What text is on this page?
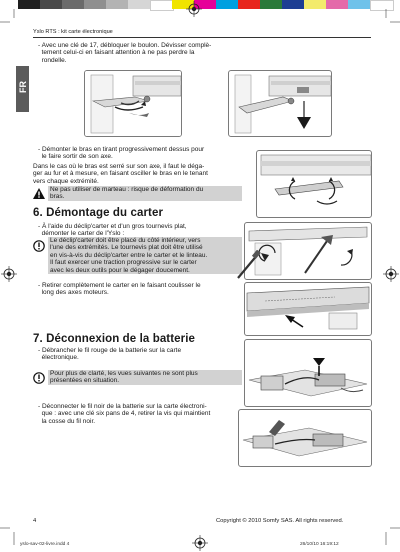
Yslo RTS : kit carte électronique
FR
- Avec une clé de 17, débloquer le boulon. Dévisser complè-
tement celui-ci en faisant attention à ne pas perdre la
rondelle.
- Démonter le bras en tirant progressivement dessus pour
le faire sortir de son axe.
Dans le cas où le bras est serré sur son axe, il faut le déga-
ger au fur et à mesure, en faisant osciller le bras en le tenant
vers chaque extrémité.
Ne pas utiliser de marteau : risque de déformation du
bras.
6. Démontage du carter
- À l'aide du déclip'carter et d'un gros tournevis plat,
démonter le carter de l'Yslo :
Le déclip'carter doit être placé du côté intérieur, vers
l'une des extrémités. Le tournevis plat doit être utilisé
en vis-à-vis du déclip'carter entre le carter et le linteau.
Il faut exercer une traction progressive sur le carter
avec les deux outils pour le dégager doucement.
- Retirer complètement le carter en le faisant coulisser le
long des axes moteurs.
7. Déconnexion de la batterie
- Débrancher le fil rouge de la batterie sur la carte
électronique.
Pour plus de clarté, les vues suivantes ne sont plus
présentées en situation.
- Déconnecter le fil noir de la batterie sur la carte électroni-
que : avec une clé six pans de 4, retirer la vis qui maintient
la cosse du fil noir.
4	Copyright © 2010 Somfy SAS. All rights reserved.
yslo-sav-02-livre.indd 4	26/10/10 16:19:12
